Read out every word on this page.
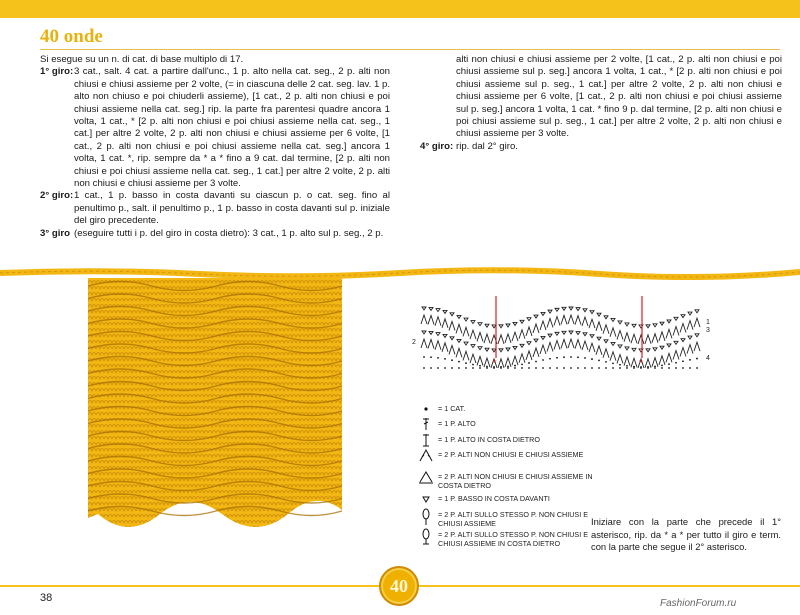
40 onde
Si esegue su un n. di cat. di base multiplo di 17.
1° giro: 3 cat., salt. 4 cat. a partire dall'unc., 1 p. alto nella cat. seg., 2 p. alti non chiusi e chiusi assieme per 2 volte, (= in ciascuna delle 2 cat. seg. lav. 1 p. alto non chiuso e poi chiuderli assieme), [1 cat., 2 p. alti non chiusi e poi chiusi assieme nella cat. seg.] rip. la parte fra parentesi quadre ancora 1 volta, 1 cat., * [2 p. alti non chiusi e poi chiusi assieme nella cat. seg., 1 cat.] per altre 2 volte, 2 p. alti non chiusi e chiusi assieme per 6 volte, [1 cat., 2 p. alti non chiusi e poi chiusi assieme nella cat. seg.] ancora 1 volta, 1 cat. *, rip. sempre da * a * fino a 9 cat. dal termine, [2 p. alti non chiusi e poi chiusi assieme nella cat. seg., 1 cat.] per altre 2 volte, 2 p. alti non chiusi e chiusi assieme per 3 volte.
2° giro: 1 cat., 1 p. basso in costa davanti su ciascun p. o cat. seg. fino al penultimo p., salt. il penultimo p., 1 p. basso in costa davanti sul p. iniziale del giro precedente.
3° giro (eseguire tutti i p. del giro in costa dietro): 3 cat., 1 p. alto sul p. seg., 2 p.
alti non chiusi e chiusi assieme per 2 volte, [1 cat., 2 p. alti non chiusi e poi chiusi assieme sul p. seg.] ancora 1 volta, 1 cat., * [2 p. alti non chiusi e poi chiusi assieme sul p. seg., 1 cat.] per altre 2 volte, 2 p. alti non chiusi e chiusi assieme per 6 volte, [1 cat., 2 p. alti non chiusi e poi chiusi assieme sul p. seg.] ancora 1 volta, 1 cat. * fino 9 p. dal termine, [2 p. alti non chiusi e poi chiusi assieme sul p. seg., 1 cat.] per altre 2 volte, 2 p. alti non chiusi e chiusi assieme per 3 volte.
4° giro: rip. dal 2° giro.
*	*
2
1
3
4
= 1 CAT.
= 1 P. ALTO
= 1 P. ALTO IN COSTA DIETRO
= 2 P. ALTI NON CHIUSI E CHIUSI ASSIEME
= 2 P. ALTI NON CHIUSI E CHIUSI ASSIEME IN COSTA DIETRO
= 1 P. BASSO IN COSTA DAVANTI
= 2 P. ALTI SULLO STESSO P. NON CHIUSI E CHIUSI ASSIEME
= 2 P. ALTI SULLO STESSO P. NON CHIUSI E CHIUSI ASSIEME IN COSTA DIETRO
Iniziare con la parte che precede il 1° asterisco, rip. da * a * per tutto il giro e term. con la parte che segue il 2° asterisco.
40
38	FashionForum.ru
